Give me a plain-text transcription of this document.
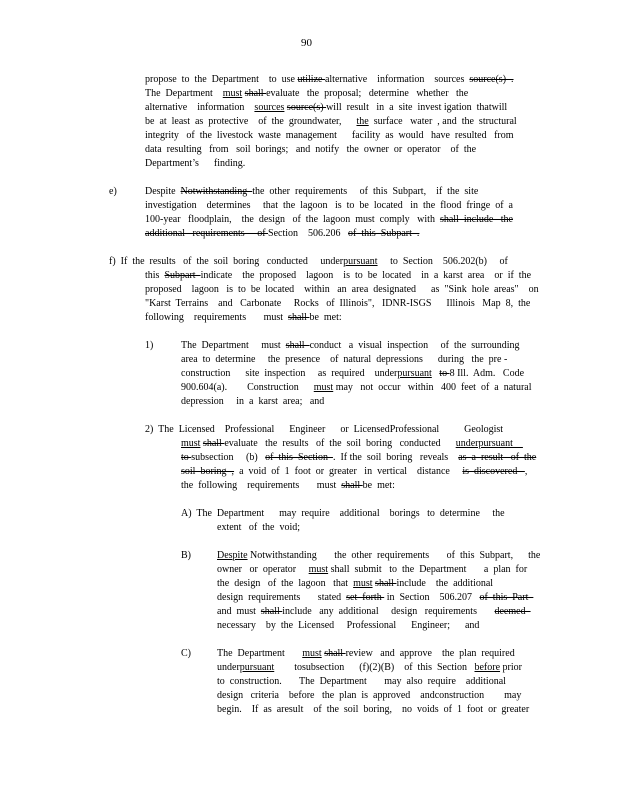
90
propose  to  the  Department    to  use utilize alternative    information    sources  source(s)  .
The  Department    must shall evaluate   the  proposal;   determine   whether   the
alternative    information    sources source(s) will  result   in  a  site  invest igation  thatwill
be  at  least  as  protective    of  the  groundwater,      the  surface   water  , and  the  structural
integrity   of  the  livestock  waste  management      facility  as  would   have  resulted   from
data  resulting   from   soil  borings;   and  notify   the  owner  or  operator    of  the
Department’s      finding.
e)	Despite  Notwithstanding  the  other  requirements     of  this  Subpart,    if  the  site
investigation    determines     that  the  lagoon   is  to  be  located   in  the  flood  fringe  of  a
100-year   floodplain,    the  design   of  the  lagoon  must  comply   with  shall  include   the
additional   requirements     of Section    506.206   of  this  Subpart  .
f)  If  the  results   of  the  soil  boring   conducted     underpursuant     to  Section    506.202(b)     of
this  Subpart  indicate    the  proposed    lagoon    is  to  be  located    in  a  karst  area    or  if  the
proposed    lagoon   is  to  be  located    within   an  area  designated      as  "Sink  hole  areas"    on
"Karst  Terrains    and   Carbonate     Rocks   of  Illinois",   IDNR-ISGS      Illinois   Map  8,  the
following    requirements       must  shall be  met:
1)	The  Department     must  shall  conduct   a  visual  inspection     of  the  surrounding
area  to  determine     the  presence    of  natural  depressions      during   the  pre -
construction      site  inspection     as  required    underpursuant to 8 Ill.  Adm.   Code
900.604(a).        Construction      must may   not  occur   within   400  feet  of  a  natural
depression     in  a  karst  area;   and
2)  The  Licensed    Professional      Engineer      or  LicensedProfessional          Geologist
must shall evaluate   the  results   of  the  soil  boring   conducted      underpursuant
to subsection     (b)   of  this  Section  .  If the  soil  boring   reveals    as  a  result   of  the
soil  boring  ,  a  void  of  1  foot  or  greater   in  vertical    distance     is  discovered   ,
the  following    requirements       must  shall be  met:
A)  The  Department      may  require    additional    borings   to  determine     the
extent   of  the  void;
B)	Despite Notwithstanding       the  other  requirements       of  this  Subpart,      the
owner   or  operator     must shall  submit   to  the  Department       a  plan  for
the  design   of  the  lagoon   that  must shall include    the  additional
design  requirements       stated  set  forth  in  Section    506.207   of  this  Part
and  must  shall include   any  additional     design   requirements       deemed
necessary    by  the  Licensed     Professional      Engineer;      and
C)	The  Department       must shall review   and  approve    the  plan  required
underpursuant        tosubsection      (f)(2)(B)    of  this  Section   before prior
to  construction.       The  Department       may  also  require    additional
design   criteria    before   the  plan  is  approved    andconstruction        may
begin.    If  as  aresult    of  the  soil  boring,    no  voids  of  1  foot  or  greater
